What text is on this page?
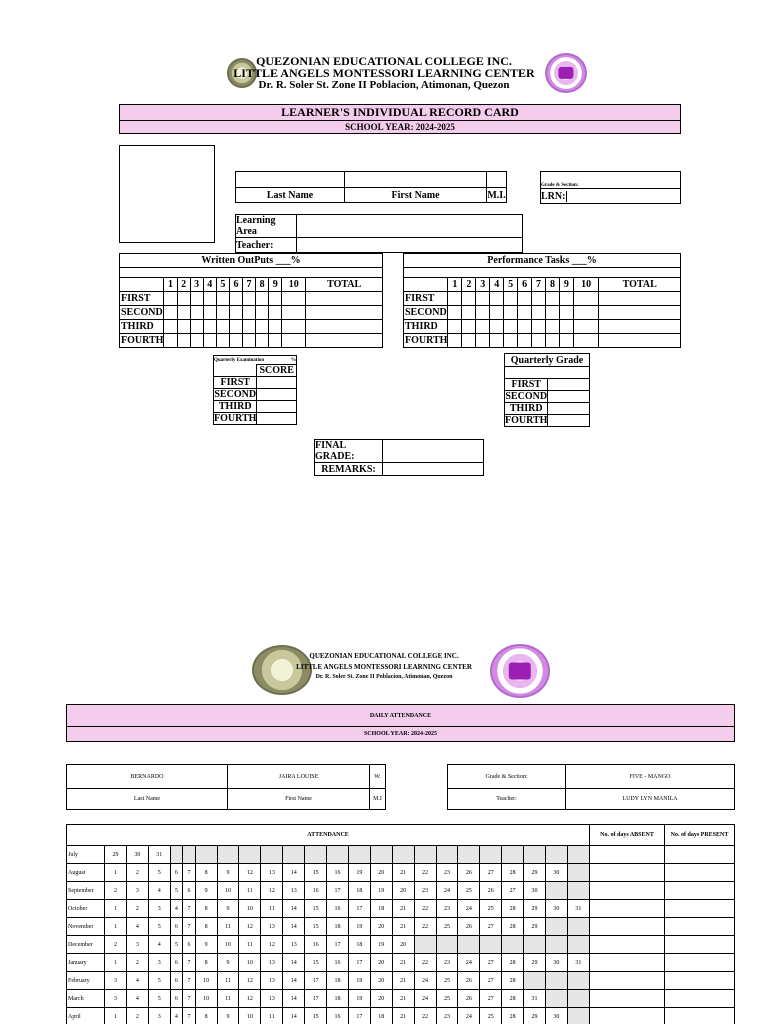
QUEZONIAN EDUCATIONAL COLLEGE INC.
LITTLE ANGELS MONTESSORI LEARNING CENTER
Dr. R. Soler St. Zone II Poblacion, Atimonan, Quezon
LEARNER'S INDIVIDUAL RECORD CARD
SCHOOL YEAR: 2024-2025

Last Name	First Name	M.I.
Grade & Section:
LRN:
Learning Area	
Teacher:	
Written OutPuts ___%											

	1	2	3	4	5	6	7	8	9	10	TOTAL
FIRST											
SECOND											
THIRD											
FOURTH											
Performance Tasks ___%											

	1	2	3	4	5	6	7	8	9	10	TOTAL
FIRST											
SECOND											
THIRD											
FOURTH											
Quarterly Examination %	

	SCORE
FIRST	
SECOND	
THIRD	
FOURTH	
Quarterly Grade	

FIRST	
SECOND	
THIRD	
FOURTH	
FINAL GRADE:	
REMARKS:	
QUEZONIAN EDUCATIONAL COLLEGE INC.
LITTLE ANGELS MONTESSORI LEARNING CENTER
Dr. R. Soler St. Zone II Poblacion, Atimonan, Quezon
DAILY ATTENDANCE
SCHOOL YEAR: 2024-2025
BERNARDO	JAIRA LOUISE	W.
Last Name	First Name	M.I
Grade & Section:	FIVE - MANGO
Teacher:	LUDY LYN MANILA
ATTENDANCE																								No. of days ABSENT	No. of days PRESENT
July	29	30	31																						
August	1	2	5	6	7	8	9	12	13	14	15	16	19	20	21	22	23	26	27	28	29	30			
September	2	3	4	5	6	9	10	11	12	13	16	17	18	19	20	23	24	25	26	27	30				
October	1	2	3	4	7	8	9	10	11	14	15	16	17	18	21	22	23	24	25	28	29	30	31		
November	1	4	5	6	7	8	11	12	13	14	15	18	19	20	21	22	25	26	27	28	29				
December	2	3	4	5	6	9	10	11	12	13	16	17	18	19	20										
January	1	2	3	6	7	8	9	10	13	14	15	16	17	20	21	22	23	24	27	28	29	30	31		
February	3	4	5	6	7	10	11	12	13	14	17	18	19	20	21	24	25	26	27	28					
March	3	4	5	6	7	10	11	12	13	14	17	18	19	20	21	24	25	26	27	28	31				
April	1	2	3	4	7	8	9	10	11	14	15	16	17	18	21	22	23	24	25	28	29	30			
